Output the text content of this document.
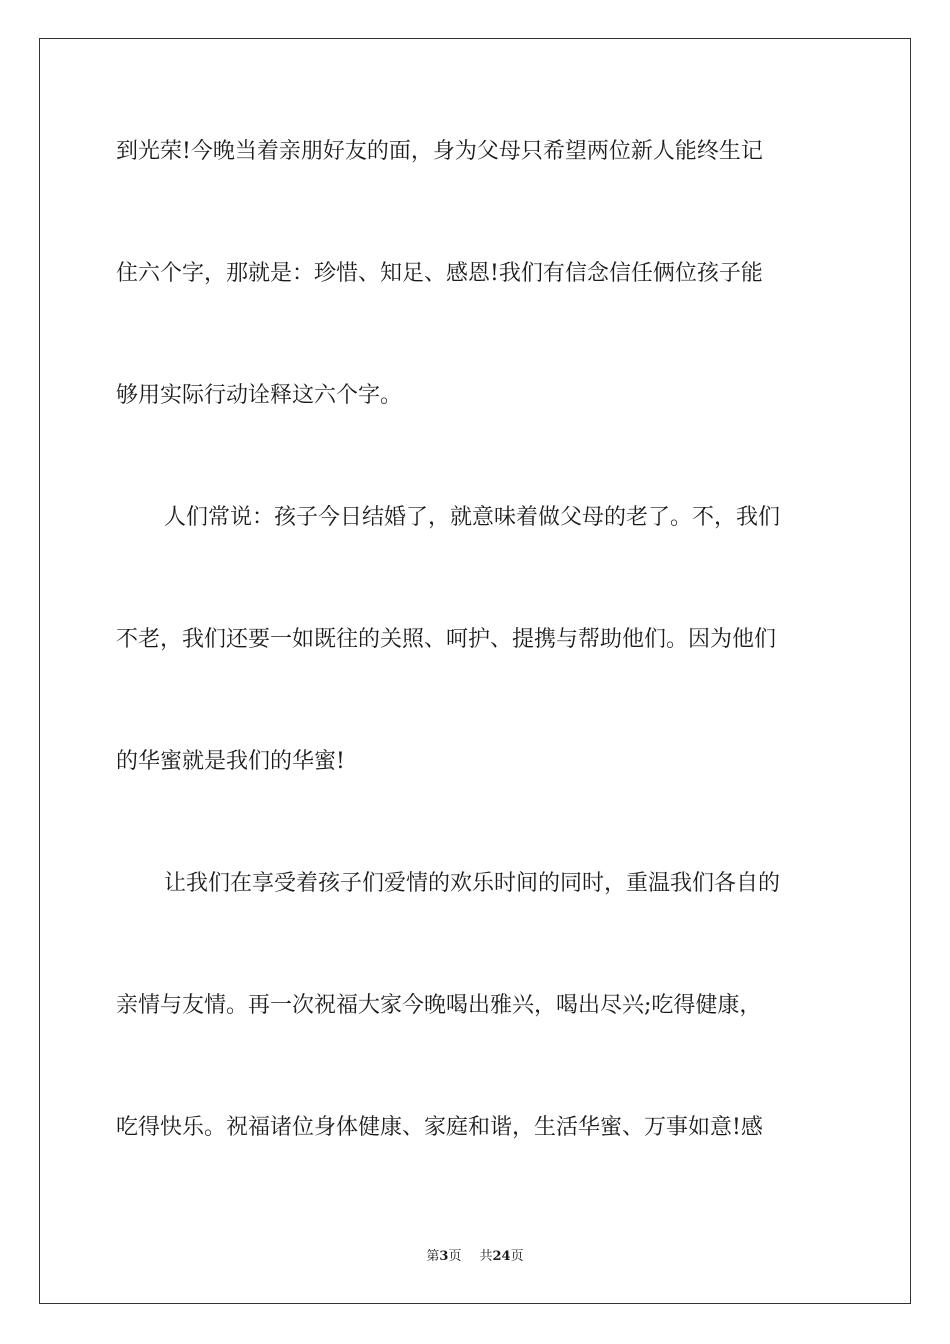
到光荣!今晚当着亲朋好友的面，身为父母只希望两位新人能终生记
住六个字，那就是：珍惜、知足、感恩!我们有信念信任俩位孩子能
够用实际行动诠释这六个字。
人们常说：孩子今日结婚了，就意味着做父母的老了。不，我们
不老，我们还要一如既往的关照、呵护、提携与帮助他们。因为他们
的华蜜就是我们的华蜜!
让我们在享受着孩子们爱情的欢乐时间的同时，重温我们各自的
亲情与友情。再一次祝福大家今晚喝出雅兴，喝出尽兴;吃得健康，
吃得快乐。祝福诸位身体健康、家庭和谐，生活华蜜、万事如意!感
第3页 共24页
